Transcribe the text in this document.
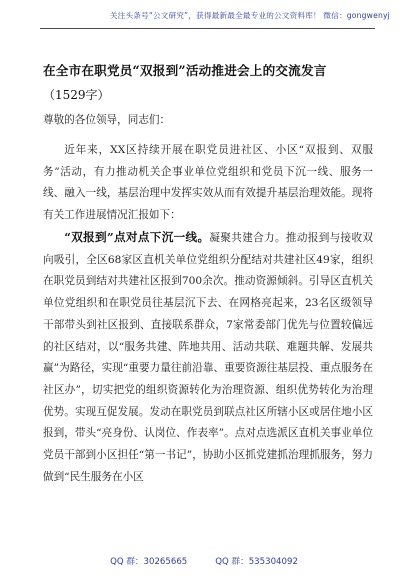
关注头条号“公文研究”，获得最新最全最专业的公文资料库！ 微信：gongwenyj
在全市在职党员“双报到”活动推进会上的交流发言
（1529字）
尊敬的各位领导，同志们：

近年来，XX区持续开展在职党员进社区、小区“双报到、双服务”活动，有力推动机关企事业单位党组织和党员下沉一线、服务一线、融入一线，基层治理中发挥实效从而有效提升基层治理效能。现将有关工作进展情况汇报如下：

“双报到”点对点下沉一线。凝聚共建合力。推动报到与接收双向吸引，全区68家区直机关单位党组织分配结对共建社区49家，组织在职党员到结对共建社区报到700余次。推动资源倾斜。引导区直机关单位党组织和在职党员往基层沉下去、在网格亮起来，23名区级领导干部带头到社区报到、直接联系群众，7家常委部门优先与位置较偏远的社区结对，以“服务共建、阵地共用、活动共联、难题共解、发展共赢”为路径，实现“重要力量往前沿靠、重要资源往基层投、重点服务在社区办”，切实把党的组织资源转化为治理资源、组织优势转化为治理优势。实现互促发展。发动在职党员到联点社区所辖小区或居住地小区报到，带头“亮身份、认岗位、作表率”。点对点选派区直机关事业单位党员干部到小区担任“第一书记”，协助小区抓党建抓治理抓服务，努力做到“民生服务在小区

QQ 群：30265665	QQ 群：535304092
